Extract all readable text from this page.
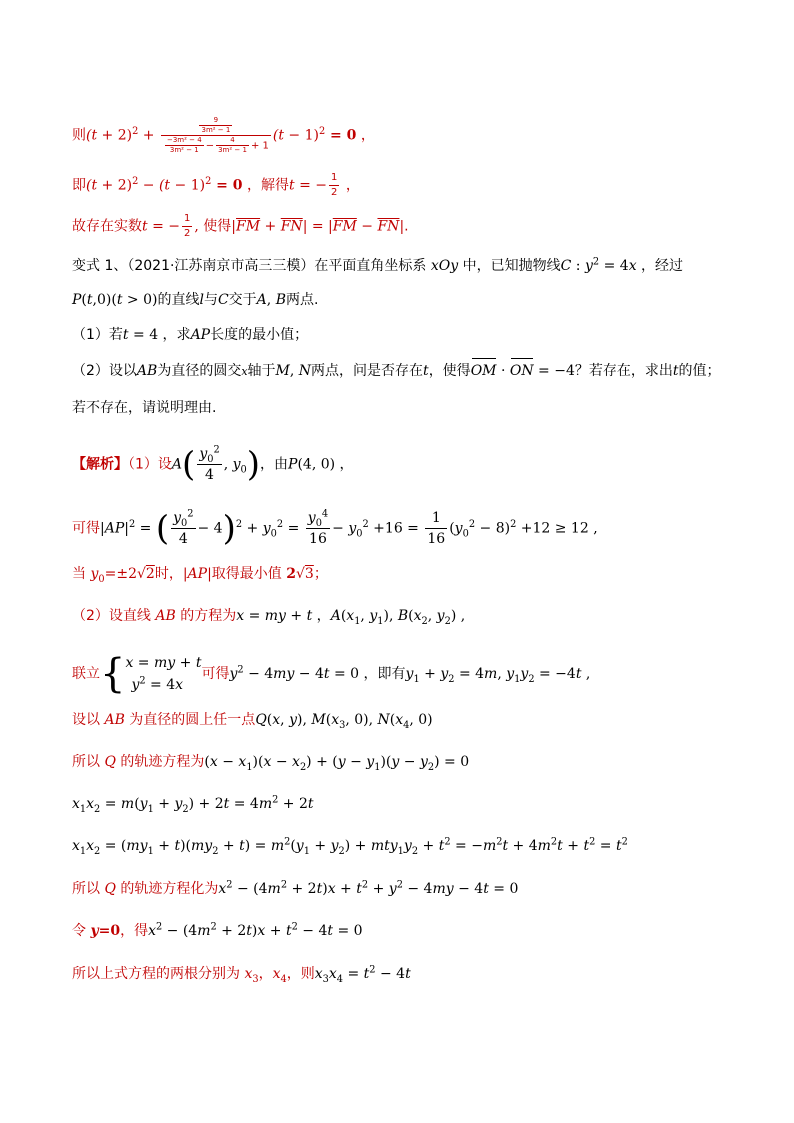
则$(t + 2)^2 + \frac{\frac{9}{\text{3m² − 1}}}{\frac{\text{−3m² − 4}}{\text{3m² − 1}} - \frac{4}{\text{3m² − 1}} + 1} (t - 1)^2 = 0$ ，
即$(t + 2)^2 - (t - 1)^2 = 0$ ，解得t = − $\frac{1}{2}$ ，
故存在实数t = − $\frac{1}{2}$ , 使得$|\overline{FM} + \overline{FN}| = |\overline{FM} - \overline{FN}|$.
变式 1、（2021·江苏南京市高三三模）在平面直角坐标系 xOy 中，已知抛物线C : $y^2 = 4x$ ，经过
P(t,0)(t > 0)的直线l与C交于A, B两点.
（1）若t = 4 ，求AP长度的最小值；
（2）设以AB为直径的圆交x轴于M, N两点，问是否存在t，使得OM · ON = −4？若存在，求出t的值；
若不存在，请说明理由.
【解析】（1）设$A( \frac{y_0^2}{4}$ , $y_0$)，由P(4, 0) ，
可得$|AP|^2$ = ( $\frac{y_0^2}{4} - 4)^2 + y_0^2 = \frac{y_0^4}{16} - y_0^2 +16 = \frac{1}{16} (y_0^2 - 8)^2 +12 \ge 12$ ,
当 $y_0=\pm 2√2$时，|AP|取得最小值 2√3；
（2）设直线 AB 的方程为x = my + t ，$A(x_1$, $y_1$), $B(x_2$, $y_2$) ,
联立{ x = my + t
$y^2 = 4x$
可得$y^2 - 4my - 4t = 0$ ，即有$y_1 + y_2 = 4m$, $y_1y_2 = -4t$ ,
设以 AB 为直径的圆上任一点Q(x, y), $M(x_3$, 0), $N(x_4$, 0)
所以 Q 的轨迹方程为$(x - x_1)(x - x_2) + (y - y_1)(y - y_2) = 0$
$x_1x_2 = m(y_1 + y_2) + 2t = 4m^2 + 2t$
$x_1x_2 = (my_1 + t)(my_2 + t) = m^2(y_1 + y_2) + mty_1y_2 + t^2 = -m^2t + 4m^2t + t^2 = t^2$
所以 Q 的轨迹方程化为$x^2 - (4m^2 + 2t)x + t^2 + y^2 - 4my - 4t = 0$
令 y=0，得$x^2 - (4m^2 + 2t)x + t^2 - 4t = 0$
所以上式方程的两根分别为 $x_3$，$x_4$，则$x_3x_4 = t^2 - 4t$
